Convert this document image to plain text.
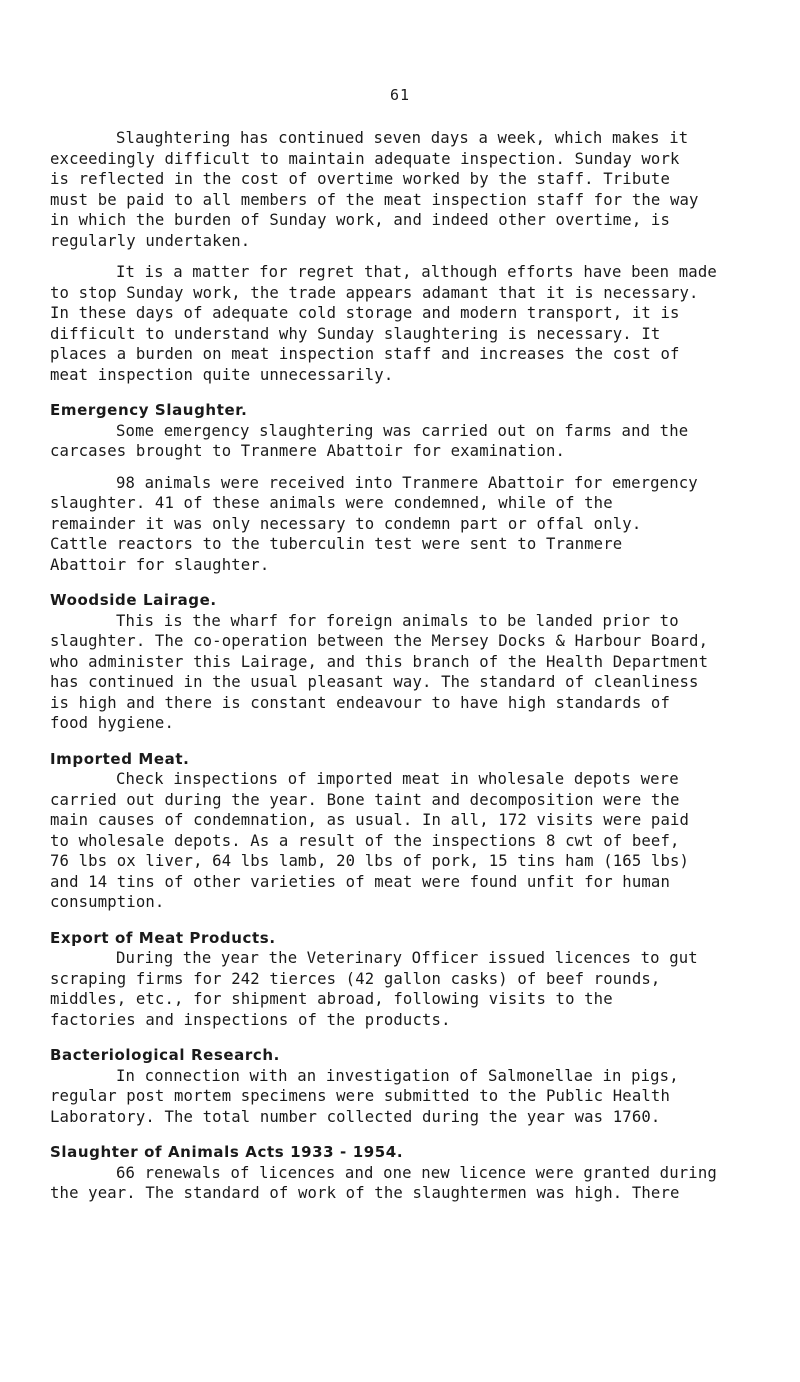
61
Slaughtering has continued seven days a week, which makes it
exceedingly difficult to maintain adequate inspection. Sunday work
is reflected in the cost of overtime worked by the staff. Tribute
must be paid to all members of the meat inspection staff for the way
in which the burden of Sunday work, and indeed other overtime, is
regularly undertaken.
It is a matter for regret that, although efforts have been made
to stop Sunday work, the trade appears adamant that it is necessary.
In these days of adequate cold storage and modern transport, it is
difficult to understand why Sunday slaughtering is necessary. It
places a burden on meat inspection staff and increases the cost of
meat inspection quite unnecessarily.
Emergency Slaughter.
Some emergency slaughtering was carried out on farms and the
carcases brought to Tranmere Abattoir for examination.
98 animals were received into Tranmere Abattoir for emergency
slaughter. 41 of these animals were condemned, while of the
remainder it was only necessary to condemn part or offal only.
Cattle reactors to the tuberculin test were sent to Tranmere
Abattoir for slaughter.
Woodside Lairage.
This is the wharf for foreign animals to be landed prior to
slaughter. The co-operation between the Mersey Docks & Harbour Board,
who administer this Lairage, and this branch of the Health Department
has continued in the usual pleasant way. The standard of cleanliness
is high and there is constant endeavour to have high standards of
food hygiene.
Imported Meat.
Check inspections of imported meat in wholesale depots were
carried out during the year. Bone taint and decomposition were the
main causes of condemnation, as usual. In all, 172 visits were paid
to wholesale depots. As a result of the inspections 8 cwt of beef,
76 lbs ox liver, 64 lbs lamb, 20 lbs of pork, 15 tins ham (165 lbs)
and 14 tins of other varieties of meat were found unfit for human
consumption.
Export of Meat Products.
During the year the Veterinary Officer issued licences to gut
scraping firms for 242 tierces (42 gallon casks) of beef rounds,
middles, etc., for shipment abroad, following visits to the
factories and inspections of the products.
Bacteriological Research.
In connection with an investigation of Salmonellae in pigs,
regular post mortem specimens were submitted to the Public Health
Laboratory. The total number collected during the year was 1760.
Slaughter of Animals Acts 1933 - 1954.
66 renewals of licences and one new licence were granted during
the year. The standard of work of the slaughtermen was high. There
